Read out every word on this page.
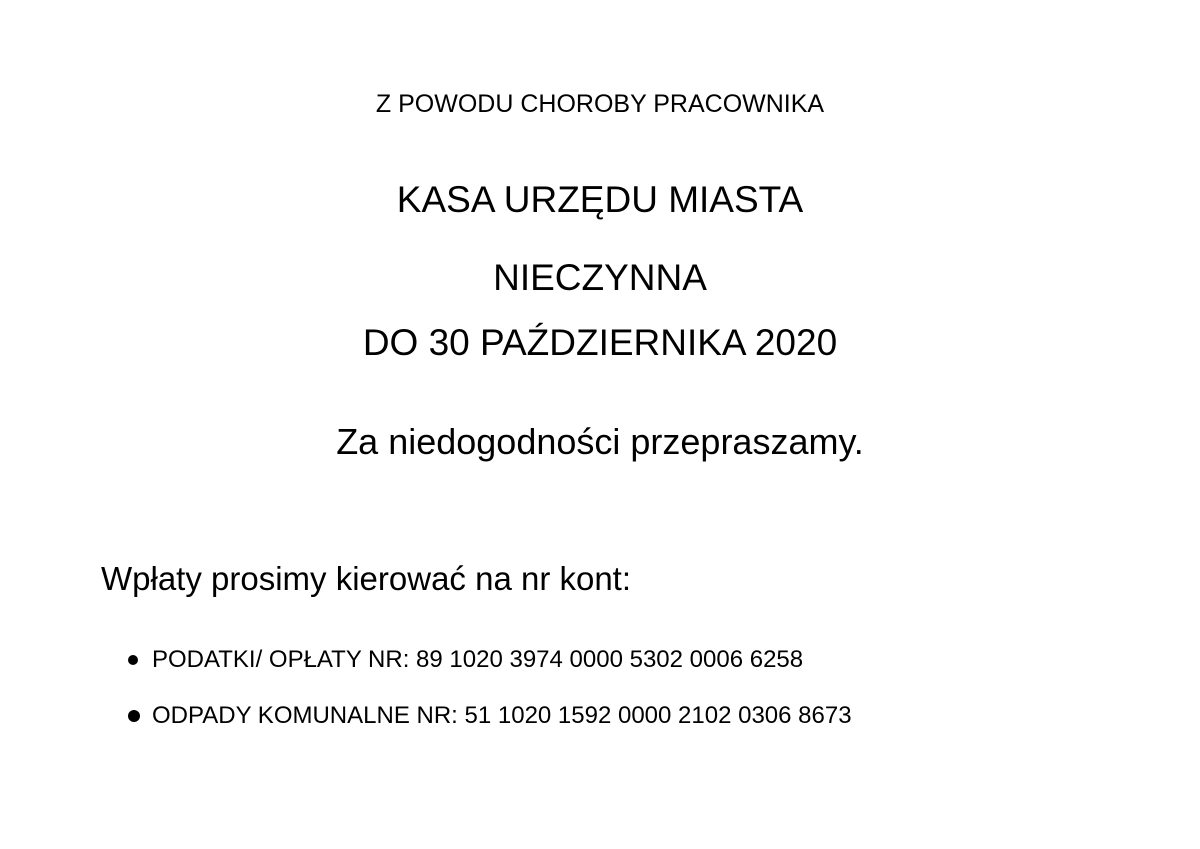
Z POWODU CHOROBY PRACOWNIKA
KASA URZĘDU MIASTA
NIECZYNNA
DO 30 PAŹDZIERNIKA 2020
Za niedogodności przepraszamy.
Wpłaty prosimy kierować na nr kont:
PODATKI/ OPŁATY NR: 89 1020 3974 0000 5302 0006 6258
ODPADY KOMUNALNE NR: 51 1020 1592 0000 2102 0306 8673
